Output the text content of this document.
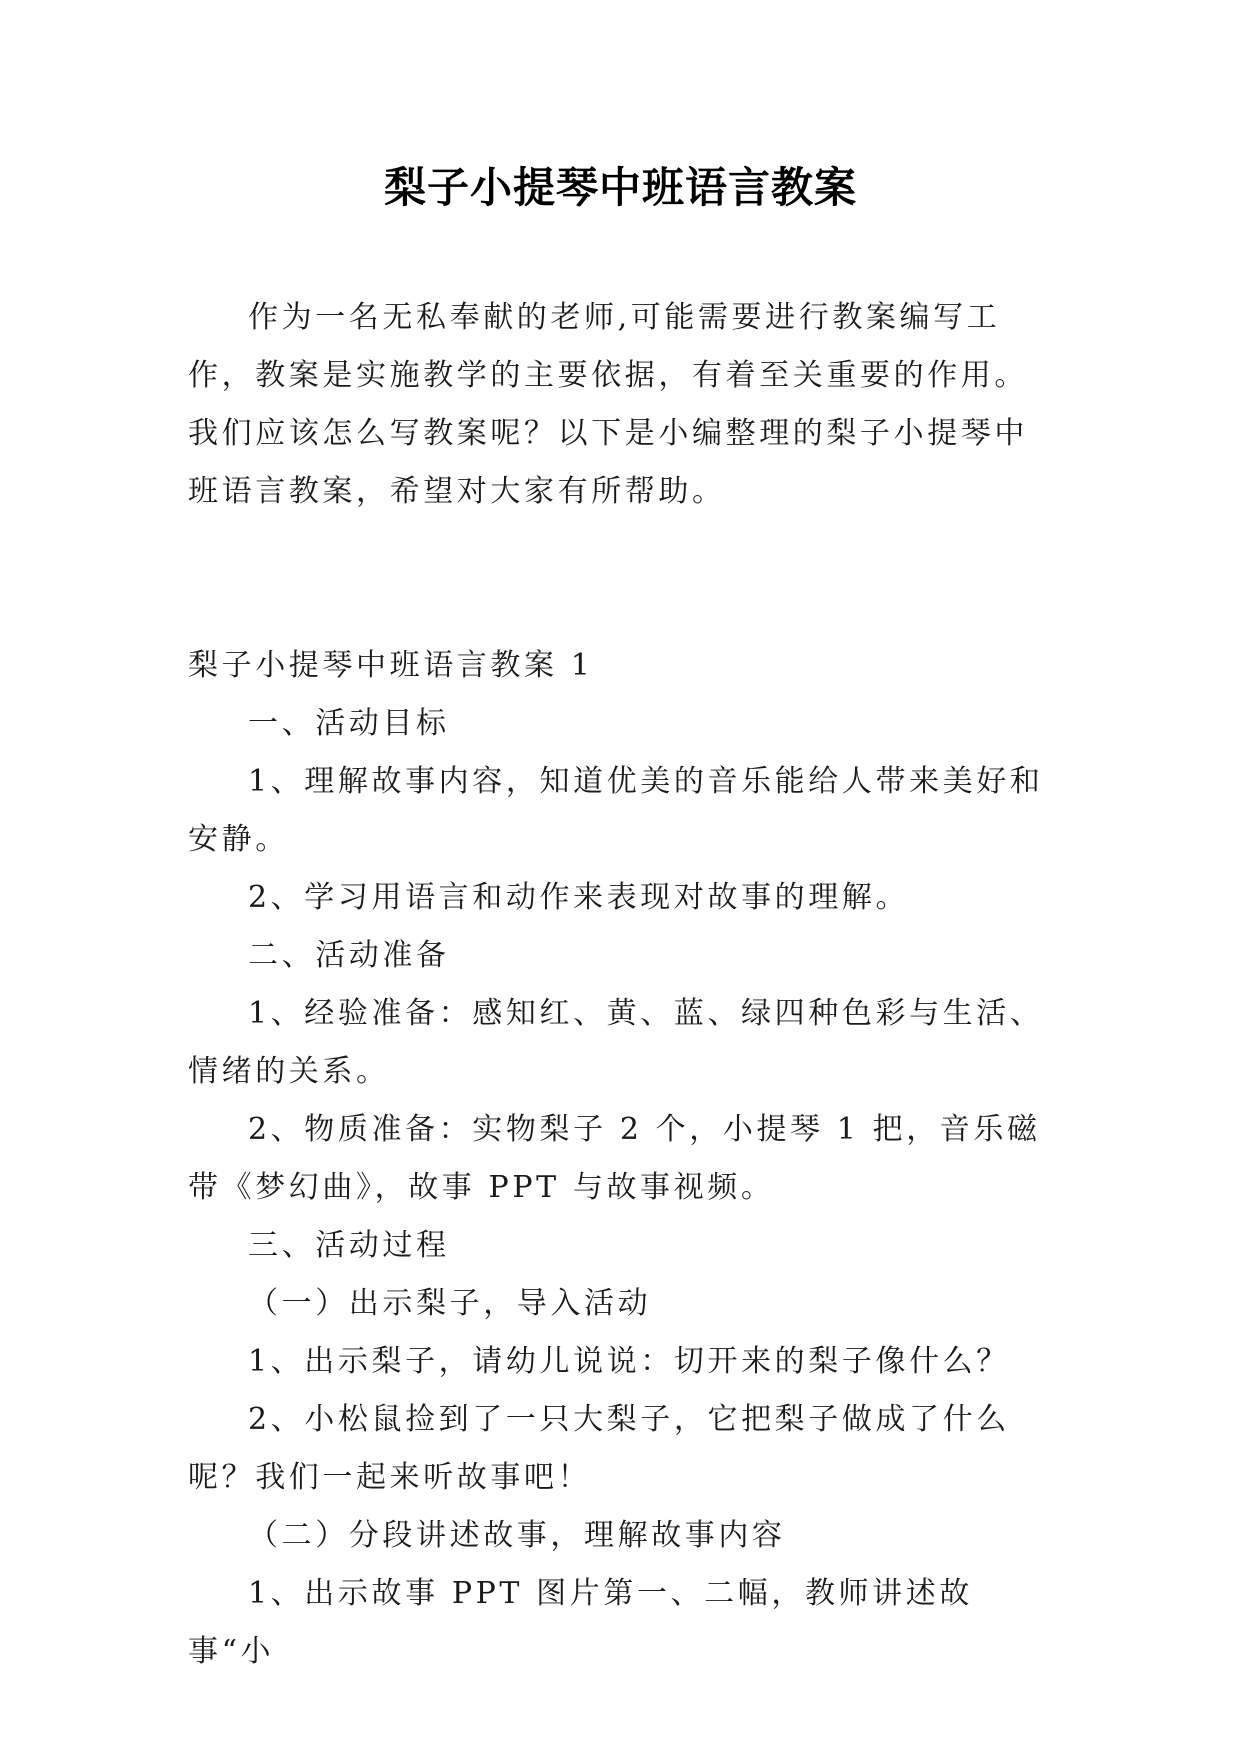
梨子小提琴中班语言教案

作为一名无私奉献的老师,可能需要进行教案编写工作，教案是实施教学的主要依据，有着至关重要的作用。我们应该怎么写教案呢？以下是小编整理的梨子小提琴中班语言教案，希望对大家有所帮助。

梨子小提琴中班语言教案 1

一、活动目标

1、理解故事内容，知道优美的音乐能给人带来美好和安静。

2、学习用语言和动作来表现对故事的理解。

二、活动准备

1、经验准备：感知红、黄、蓝、绿四种色彩与生活、情绪的关系。

2、物质准备：实物梨子 2 个，小提琴 1 把，音乐磁带《梦幻曲》，故事 PPT 与故事视频。

三、活动过程

（一）出示梨子，导入活动

1、出示梨子，请幼儿说说：切开来的梨子像什么？

2、小松鼠捡到了一只大梨子，它把梨子做成了什么呢？我们一起来听故事吧！

（二）分段讲述故事，理解故事内容

1、出示故事 PPT 图片第一、二幅，教师讲述故事“小
